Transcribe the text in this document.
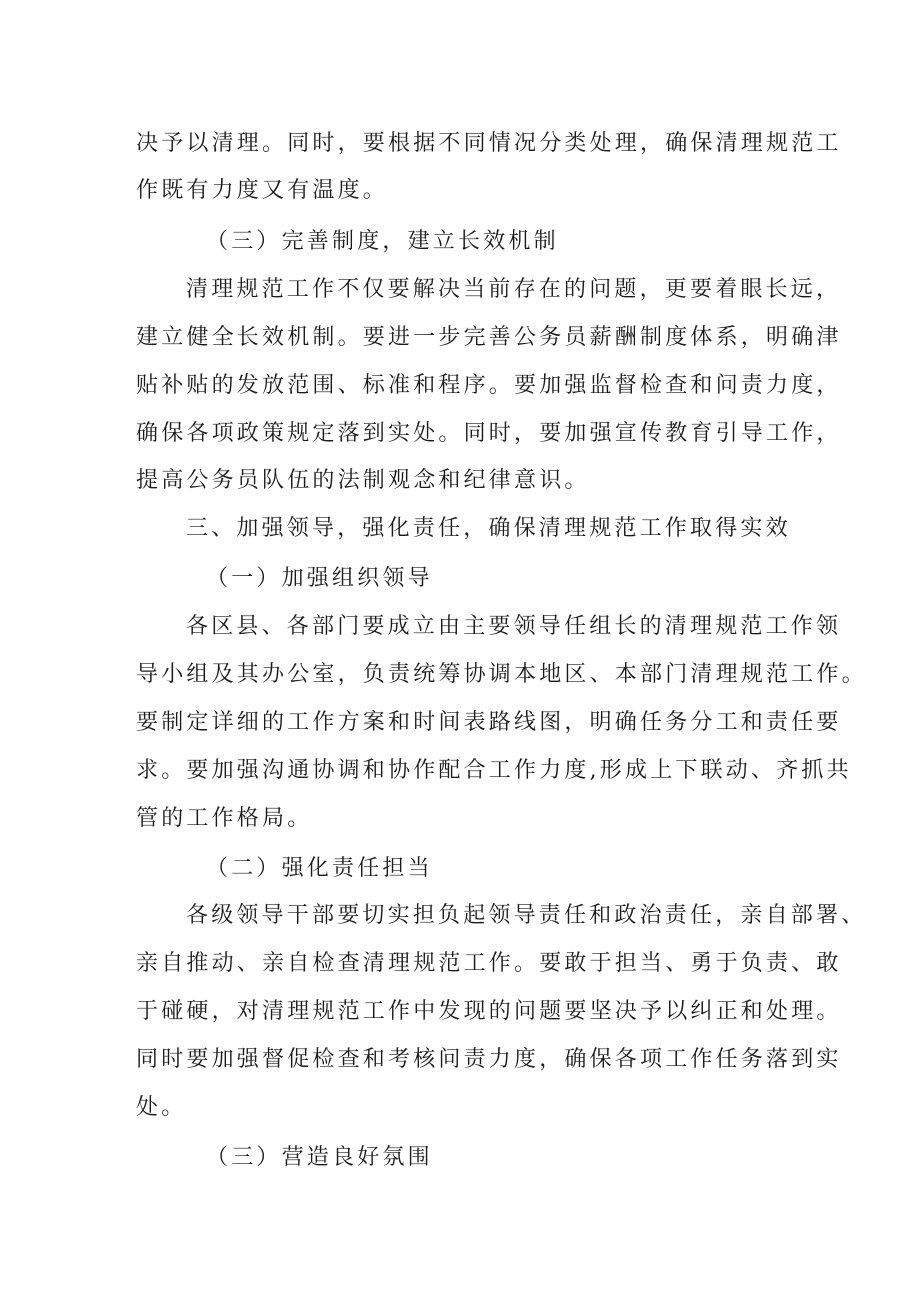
决予以清理。同时，要根据不同情况分类处理，确保清理规范工
作既有力度又有温度。
（三）完善制度，建立长效机制
清理规范工作不仅要解决当前存在的问题，更要着眼长远，
建立健全长效机制。要进一步完善公务员薪酬制度体系，明确津
贴补贴的发放范围、标准和程序。要加强监督检查和问责力度，
确保各项政策规定落到实处。同时，要加强宣传教育引导工作，
提高公务员队伍的法制观念和纪律意识。
三、加强领导，强化责任，确保清理规范工作取得实效
（一）加强组织领导
各区县、各部门要成立由主要领导任组长的清理规范工作领
导小组及其办公室，负责统筹协调本地区、本部门清理规范工作。
要制定详细的工作方案和时间表路线图，明确任务分工和责任要
求。要加强沟通协调和协作配合工作力度,形成上下联动、齐抓共
管的工作格局。
（二）强化责任担当
各级领导干部要切实担负起领导责任和政治责任，亲自部署、
亲自推动、亲自检查清理规范工作。要敢于担当、勇于负责、敢
于碰硬，对清理规范工作中发现的问题要坚决予以纠正和处理。
同时要加强督促检查和考核问责力度，确保各项工作任务落到实
处。
（三）营造良好氛围
